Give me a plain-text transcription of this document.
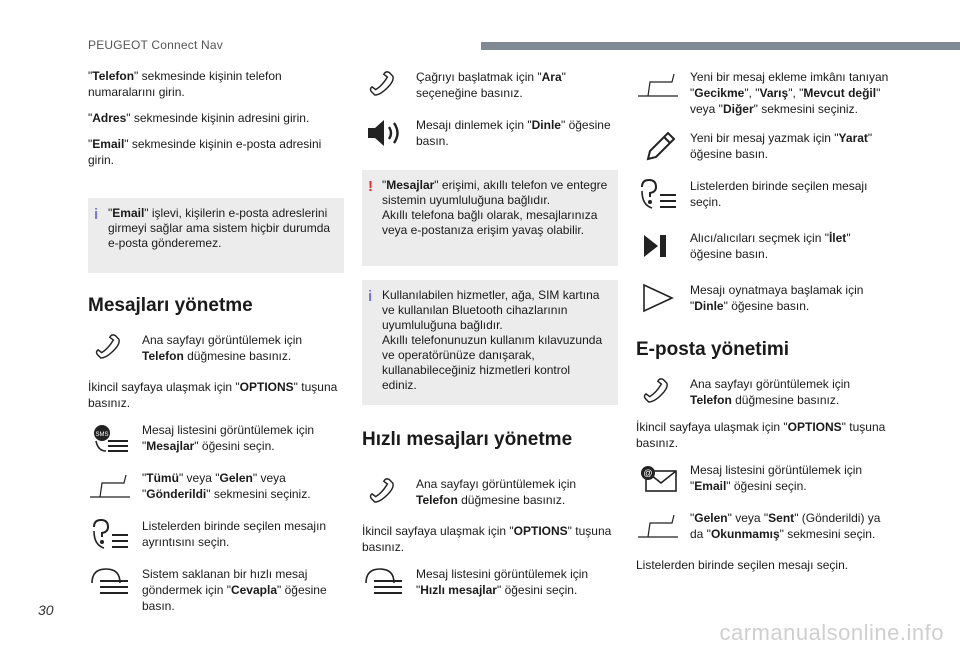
PEUGEOT Connect Nav

"Telefon" sekmesinde kişinin telefon numaralarını girin.

"Adres" sekmesinde kişinin adresini girin.

"Email" sekmesinde kişinin e-posta adresini girin.

i "Email" işlevi, kişilerin e-posta adreslerini girmeyi sağlar ama sistem hiçbir durumda e-posta gönderemez.
Mesajları yönetme
Ana sayfayı görüntülemek için Telefon düğmesine basınız.

İkincil sayfaya ulaşmak için "OPTIONS" tuşuna basınız.

SMS	Mesaj listesini görüntülemek için "Mesajlar" öğesini seçin.
"Tümü" veya "Gelen" veya "Gönderildi" sekmesini seçiniz.
Listelerden birinde seçilen mesajın ayrıntısını seçin.
Sistem saklanan bir hızlı mesaj göndermek için "Cevapla" öğesine basın.
Çağrıyı başlatmak için "Ara" seçeneğine basınız.
Mesajı dinlemek için "Dinle" öğesine basın.
! "Mesajlar" erişimi, akıllı telefon ve entegre sistemin uyumluluğuna bağlıdır.
Akıllı telefona bağlı olarak, mesajlarınıza veya e-postanıza erişim yavaş olabilir.
i Kullanılabilen hizmetler, ağa, SIM kartına ve kullanılan Bluetooth cihazlarının uyumluluğuna bağlıdır.
Akıllı telefonunuzun kullanım kılavuzunda ve operatörünüze danışarak, kullanabileceğiniz hizmetleri kontrol ediniz.
Hızlı mesajları yönetme
Ana sayfayı görüntülemek için Telefon düğmesine basınız.

İkincil sayfaya ulaşmak için "OPTIONS" tuşuna basınız.

Mesaj listesini görüntülemek için "Hızlı mesajlar" öğesini seçin.
Yeni bir mesaj ekleme imkânı tanıyan "Gecikme", "Varış", "Mevcut değil" veya "Diğer" sekmesini seçiniz.
Yeni bir mesaj yazmak için "Yarat" öğesine basın.
Listelerden birinde seçilen mesajı seçin.
Alıcı/alıcıları seçmek için "İlet" öğesine basın.
Mesajı oynatmaya başlamak için "Dinle" öğesine basın.
E-posta yönetimi
Ana sayfayı görüntülemek için Telefon düğmesine basınız.

İkincil sayfaya ulaşmak için "OPTIONS" tuşuna basınız.

@	Mesaj listesini görüntülemek için "Email" öğesini seçin.
"Gelen" veya "Sent" (Gönderildi) ya da "Okunmamış" sekmesini seçin.

Listelerden birinde seçilen mesajı seçin.

30
carmanualsonline.info
